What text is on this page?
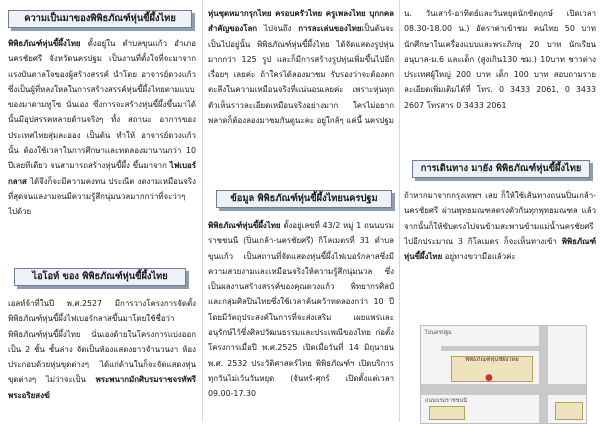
ความเป็นมาของพิพิธภัณฑ์หุ่นขี้ผึ้งไทย

พิพิธภัณฑ์หุ่นขี้ผึ้งไทย ตั้งอยู่ใน ตำบลขุนแก้ว อำเภอนครชัยศรี จังหวัดนครปฐม เป็นงานที่ตั้งใจที่จะมาจากแรงบันดาลใจของผู้สร้างสรรค์ นำโดย อาจารย์ดวงแก้ว ซึ่งเป็นผู้ที่หลงใหลในการสร้างสรรค์หุ่นขี้ผึ้งไทยตามแบบของมาดามทูโซ นั่นเอง ซึ่งการจะสร้างหุ่นขี้ผึ้งขึ้นมาได้นั้นมีอุปสรรคหลายด้านจริงๆ ทั้ง สถานะ อาการของประเทศไทยสุ่มละออง เป็นต้น ทำให้ อาจารย์ดวงแก้ว นั้น ต้องใช้เวลาในการศึกษาและทดลองมานานกว่า 10 ปีเลยทีเดียว จนสามารถสร้างหุ่นขี้ผึ้ง ขึ้นมาจาก ไฟเบอร์กลาส ได้จึงก็จะมีความคงทน ประณีต งดงามเหมือนจริงที่สุดจนแลงามจนมีความรู้สึกนุ่มนวลมากกว่าที่จะว่าๆ ไปด้วย

ไอโอท์ ของ พิพิธภัณฑ์หุ่นขี้ผึ้งไทย

เอลท์จ้าที่ในปี พ.ศ.2527 มีการวางโครงการจัดตั้ง พิพิธภัณฑ์หุ่นขี้ผึ้งไฟเบอร์กลาสขึ้นมาโดยใช้ชื่อว่า พิพิธภัณฑ์หุ่นขี้ผึ้งไทย นั่นเองด้ายในโครงการแบ่งออกเป็น 2 ชั้น ชั้นล่าง จัดเป็นห้องแสดงยาวจำนวนงา ห้องประกอบด้วยหุ่นขุดต่างๆ ได้แก่ด้านในก็จะจัดแสดงหุ่นขุดต่างๆ ไม่ว่าจะเป็น พระพนากมักศิบรมราชจรทัพรี พระอริยสงฆ์

หุ่นชุดหมากรุกไทย ครอบครัวไทย ครูเพลงไทย บุกกคลสำคัญของโลก ไปจนถึง การละเล่นของไทยเป็นต้นจะเป็นไปอยู่นั้น พิพิธภัณฑ์หุ่นขี้ผึ้งไทย ได้จัดแสดงรูปหุ่นมากกว่า 125 รูป และก็มีการสร้างรูปหุ่นเพิ่มขึ้นไปอีกเรื่อยๆ เลยค่ะ ถ้าใครได้ลองมาชม รับรองว่าจะต้องตกตะลึงในความเหมือนจริงที่แน่นอนเลยค่ะ เพราะหุ่นทุกตัวเห็นราวละเอียดเหมือนจริงอย่างมาก ใครไม่อยากพลาดก็ต้องลองมาชมกันดูนะคะ อยู่ใกล้ๆ แค่นี้ นครปฐม

ข้อมูล พิพิธภัณฑ์หุ่นขี้ผึ้งไทยนครปฐม

พิพิธภัณฑ์หุ่นขี้ผึ้งไทย ตั้งอยู่เลขที่ 43/2 หมู่ 1 ถนนบรมราชชนนี (ปิ่นเกล้า-นครชัยศรี) กิโลเมตรที่ 31 ตำบลขุนแก้ว เป็นสถานที่จัดแสดงหุ่นขี้ผึ้งไฟเบอร์กลาสซึ่งมีความสวยงามและเหมือนจริงให้ความรู้สึกนุ่มนวล ซึ่งเป็นผลงานสร้างสรรค์ของคุณดวงแก้ว พิทยากรศิลป์และกลุ่มศิลปินไทยซึ่งใช้เวลาค้นคว้าทดลองกว่า 10 ปี โดยมีวัตถุประสงค์ในการที่จะส่งเสริม เผยแพร่และอนุรักษ์ไว้ซึ่งศิลปวัฒนธรรมและประเพณีของไทย ก่อตั้งโครงการเมื่อปี พ.ศ.2525 เปิดเมื่อวันที่ 14 มิถุนายน พ.ศ. 2532 ประวัติศาสตร์ไทย พิพิธภัณฑ์ฯ เปิดบริการทุกวันไม่เว้นวันหยุด (จันทร์-ศุกร์ เปิดตั้งแต่เวลา 09.00-17.30

น. วันเสาร์-อาทิตย์และวันหยุดนักขัตฤกษ์ เปิดเวลา 08.30-18.00 น.) อัตราค่าเข้าชม คนไทย 50 บาท นักศึกษาในเครื่องแบบและพระภิกษุ 20 บาท นักเรียนอนุบาล-ม.6 และเด็ก (สูงเกิน130 ซม.) 10บาท ชาวต่างประเทศผู้ใหญ่ 200 บาท เด็ก 100 บาท สอบถามรายละเอียดเพิ่มเติมได้ที่ โทร. 0 3433 2061, 0 3433 2607 โทรสาร 0 3433 2061

การเดินทาง มายัง พิพิธภัณฑ์หุ่นขี้ผึ้งไทย

ถ้าหากมาจากกรุงเทพฯ เลย ก็ให้ใช้เส้นทางถนนปิ่นเกล้า-นครชัยศรี ผ่านพุทธมณฑลตรงตัวกันทุกพุทธมณฑล แล้วจากนั้นก็ให้ขับตรงไปจนข้ามสะพานข้ามแม่น้ำนครชัยศรี ไปอีกประมาณ 3 กิโลเมตร ก็จะเห็นทางเข้า พิพิธภัณฑ์หุ่นขี้ผึ้งไทย อยู่ทางขวามือแล้วค่ะ

พิพิธภัณฑ์หุ่นขี้ผึ้งไทย
●
ไปนครปฐม
ถนนบรมราชชนนี
